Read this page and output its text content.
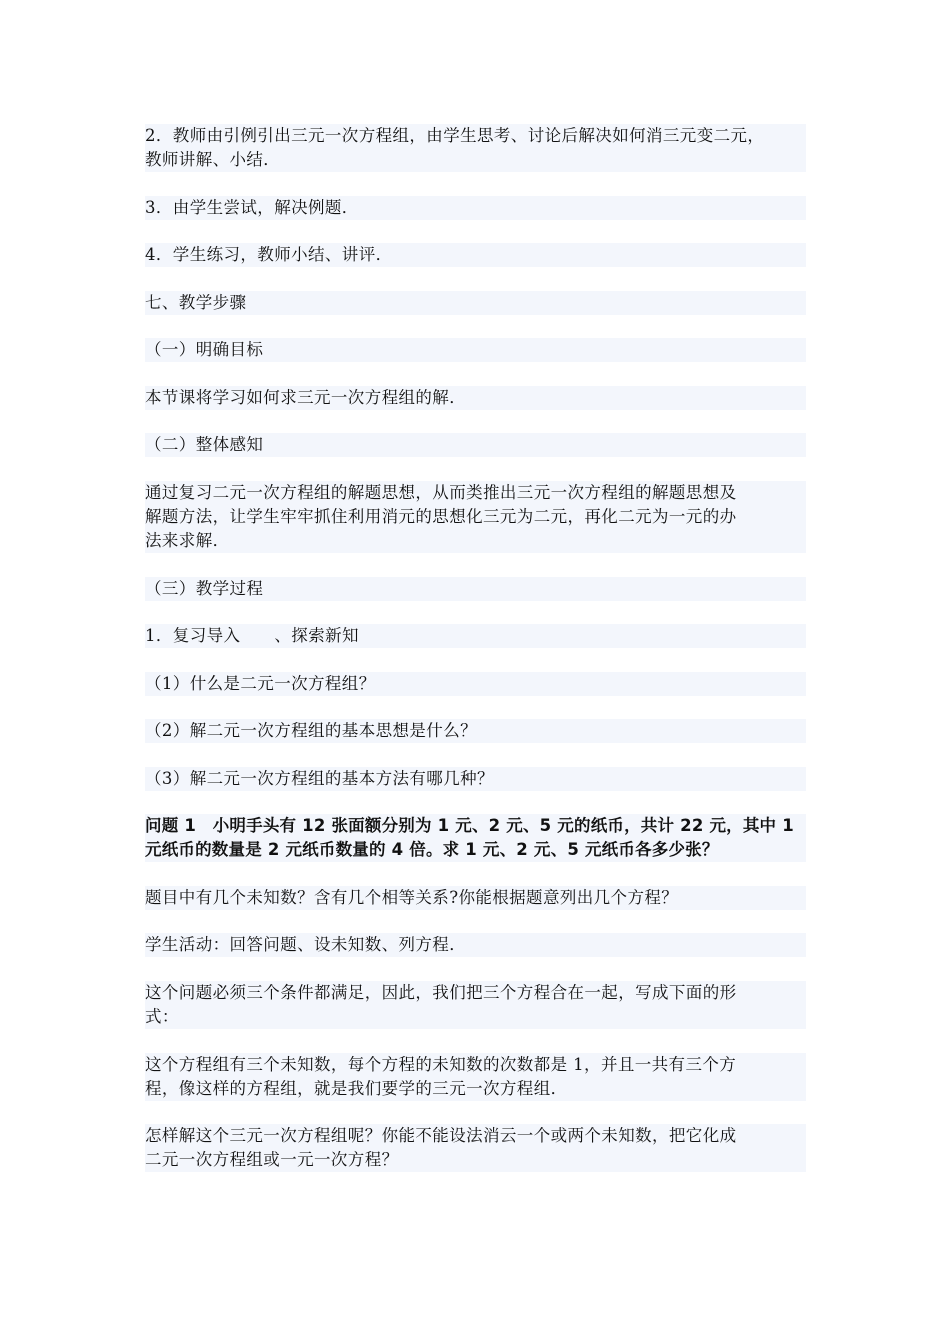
2．教师由引例引出三元一次方程组，由学生思考、讨论后解决如何消三元变二元，
教师讲解、小结．
3．由学生尝试，解决例题．
4．学生练习，教师小结、讲评．
七、教学步骤
（一）明确目标
本节课将学习如何求三元一次方程组的解．
（二）整体感知
通过复习二元一次方程组的解题思想，从而类推出三元一次方程组的解题思想及
解题方法，让学生牢牢抓住利用消元的思想化三元为二元，再化二元为一元的办
法来求解．
（三）教学过程
1．复习导入 、探索新知
（1）什么是二元一次方程组？
（2）解二元一次方程组的基本思想是什么？
（3）解二元一次方程组的基本方法有哪几种？
问题 1　小明手头有 12 张面额分别为 1 元、2 元、5 元的纸币，共计 22 元，其中 1
元纸币的数量是 2 元纸币数量的 4 倍。求 1 元、2 元、5 元纸币各多少张？
题目中有几个未知数？含有几个相等关系?你能根据题意列出几个方程？
学生活动：回答问题、设未知数、列方程．
这个问题必须三个条件都满足，因此，我们把三个方程合在一起，写成下面的形
式：
这个方程组有三个未知数，每个方程的未知数的次数都是 1，并且一共有三个方
程，像这样的方程组，就是我们要学的三元一次方程组．
怎样解这个三元一次方程组呢？你能不能设法消云一个或两个未知数，把它化成
二元一次方程组或一元一次方程？
